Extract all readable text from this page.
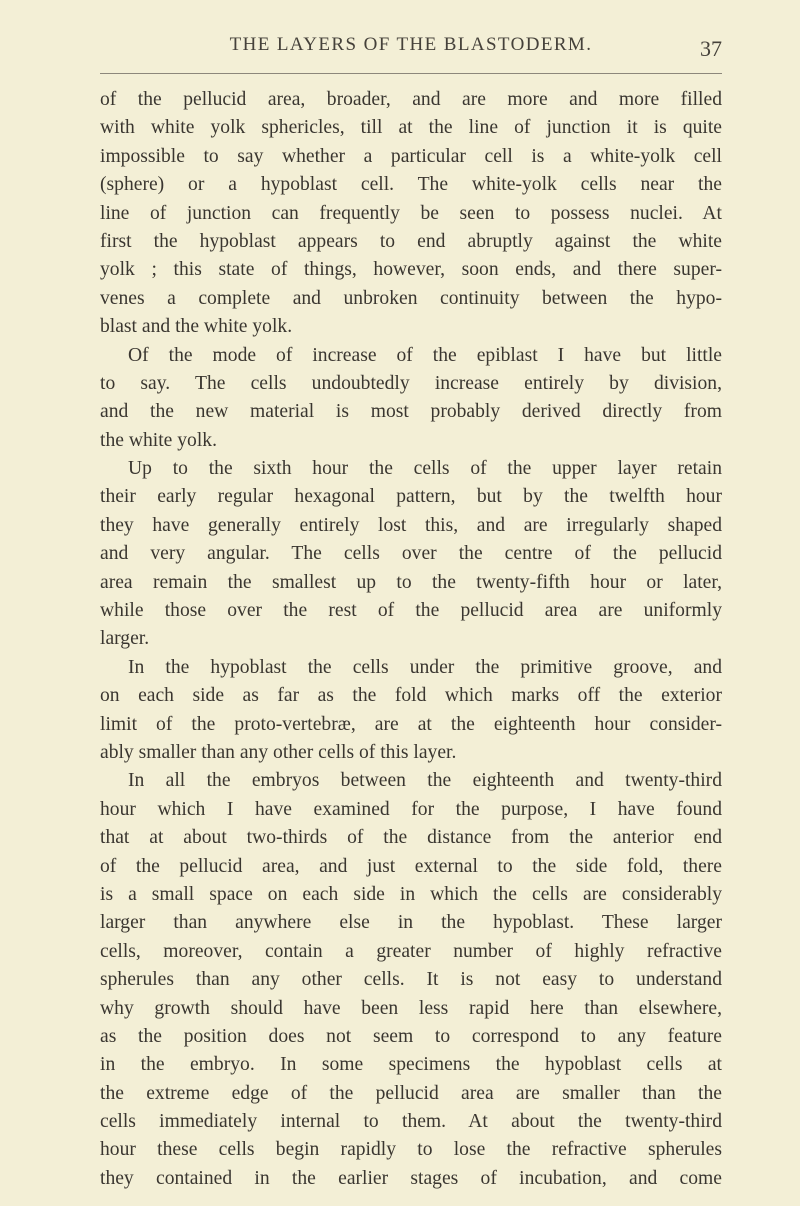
THE LAYERS OF THE BLASTODERM.	37
of the pellucid area, broader, and are more and more filled
with white yolk sphericles, till at the line of junction it is quite
impossible to say whether a particular cell is a white-yolk cell
(sphere) or a hypoblast cell. The white-yolk cells near the
line of junction can frequently be seen to possess nuclei. At
first the hypoblast appears to end abruptly against the white
yolk ; this state of things, however, soon ends, and there super-
venes a complete and unbroken continuity between the hypo-
blast and the white yolk.
Of the mode of increase of the epiblast I have but little
to say. The cells undoubtedly increase entirely by division,
and the new material is most probably derived directly from
the white yolk.
Up to the sixth hour the cells of the upper layer retain
their early regular hexagonal pattern, but by the twelfth hour
they have generally entirely lost this, and are irregularly shaped
and very angular. The cells over the centre of the pellucid
area remain the smallest up to the twenty-fifth hour or later,
while those over the rest of the pellucid area are uniformly
larger.
In the hypoblast the cells under the primitive groove, and
on each side as far as the fold which marks off the exterior
limit of the proto-vertebræ, are at the eighteenth hour consider-
ably smaller than any other cells of this layer.
In all the embryos between the eighteenth and twenty-third
hour which I have examined for the purpose, I have found
that at about two-thirds of the distance from the anterior end
of the pellucid area, and just external to the side fold, there
is a small space on each side in which the cells are considerably
larger than anywhere else in the hypoblast. These larger
cells, moreover, contain a greater number of highly refractive
spherules than any other cells. It is not easy to understand
why growth should have been less rapid here than elsewhere,
as the position does not seem to correspond to any feature
in the embryo. In some specimens the hypoblast cells at
the extreme edge of the pellucid area are smaller than the
cells immediately internal to them. At about the twenty-third
hour these cells begin rapidly to lose the refractive spherules
they contained in the earlier stages of incubation, and come
